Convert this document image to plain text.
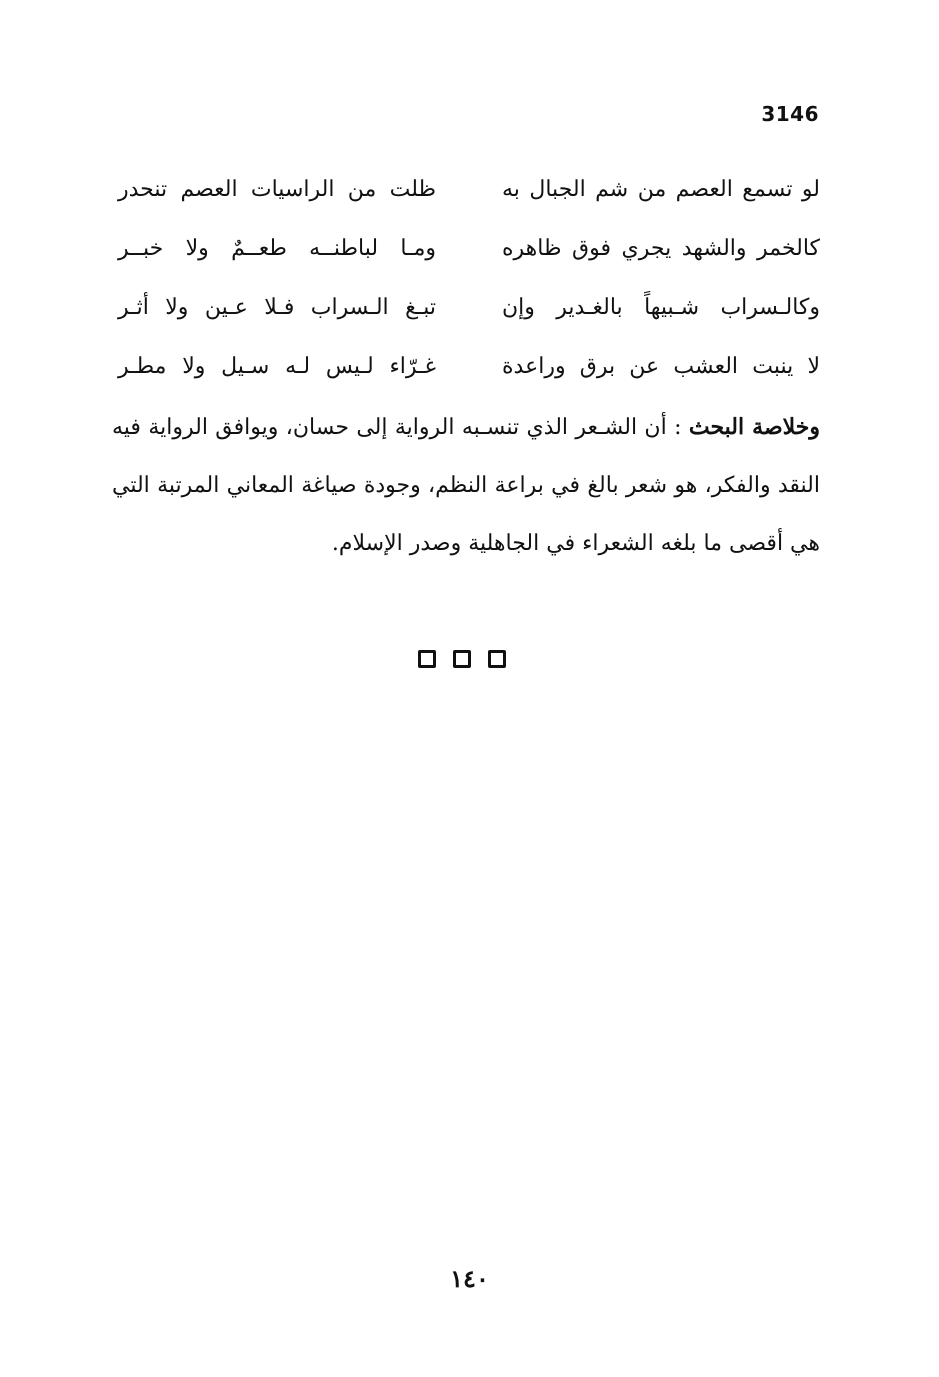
3146
لو تسمع العصم من شم الجبال به
ظلت من الراسيات العصم تنحدر
كالخمر والشهد يجري فوق ظاهره
ومـا لباطنــه طعــمٌ ولا خبــر
وكالـسراب شـبيهاً بالغـدير وإن
تبـغ الـسراب فـلا عـين ولا أثـر
لا ينبت العشب عن برق وراعدة
غـرّاء لـيس لـه سـيل ولا مطـر
وخلاصة البحث : أن الشـعر الذي تنسـبه الرواية إلى حسان، ويوافق الرواية فيه النقد والفكر، هو شعر بالغ في براعة النظم، وجودة صياغة المعاني المرتبة التي هي أقصى ما بلغه الشعراء في الجاهلية وصدر الإسلام.
١٤٠
